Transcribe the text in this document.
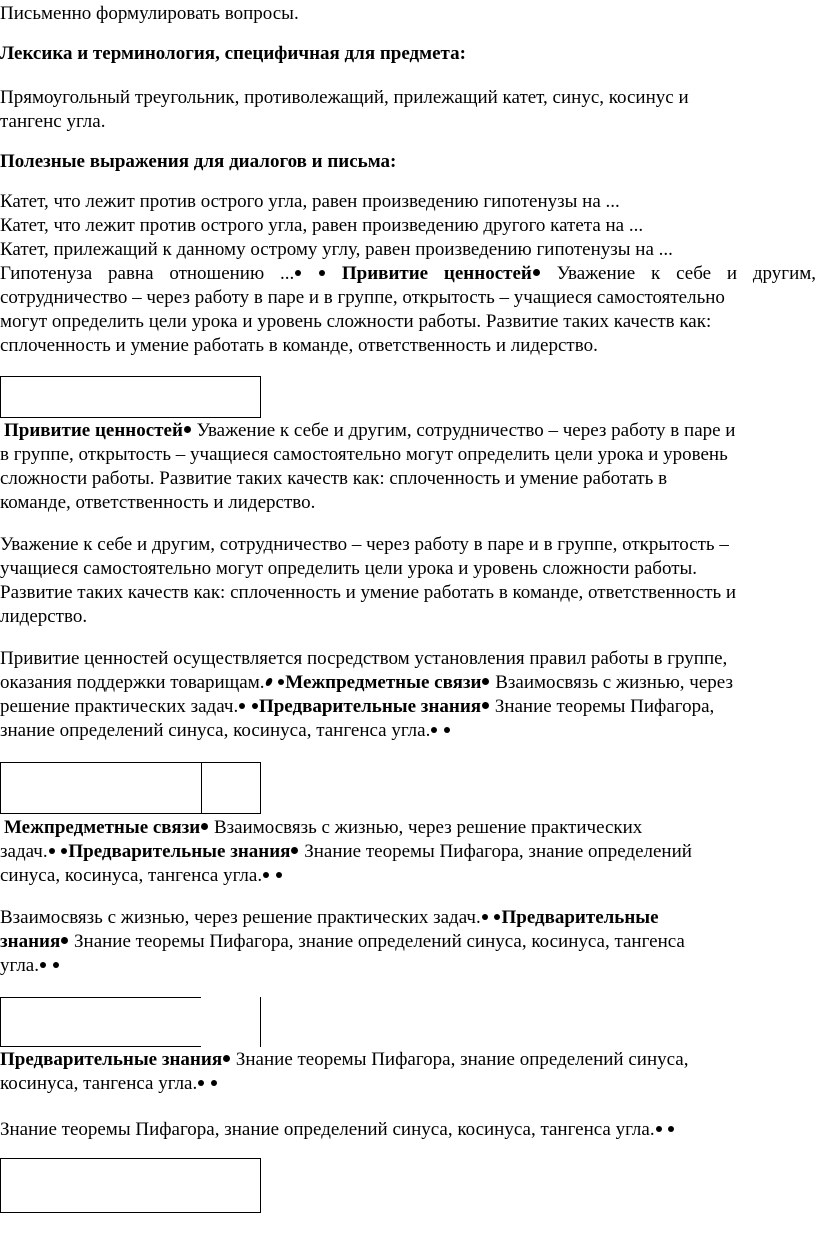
Письменно формулировать вопросы.

Лексика и терминология, специфичная для предмета:

Прямоугольный треугольник, противолежащий, прилежащий катет, синус, косинус и
тангенс угла.

Полезные выражения для диалогов и письма:

Катет, что лежит против острого угла, равен произведению гипотенузы на ...
Катет, что лежит против острого угла, равен произведению другого катета на ...
Катет, прилежащий к данному острому углу, равен произведению гипотенузы на ...
Гипотенуза равна отношению ...	Привитие ценностей Уважение к себе и другим,
сотрудничество – через работу в паре и в группе, открытость – учащиеся самостоятельно
могут определить цели урока и уровень сложности работы. Развитие таких качеств как:
сплоченность и умение работать в команде, ответственность и лидерство.
Привитие ценностей Уважение к себе и другим, сотрудничество – через работу в паре и
в группе, открытость – учащиеся самостоятельно могут определить цели урока и уровень
сложности работы. Развитие таких качеств как: сплоченность и умение работать в
команде, ответственность и лидерство.
Уважение к себе и другим, сотрудничество – через работу в паре и в группе, открытость –
учащиеся самостоятельно могут определить цели урока и уровень сложности работы.
Развитие таких качеств как: сплоченность и умение работать в команде, ответственность и
лидерство.
Привитие ценностей осуществляется посредством установления правил работы в группе,
оказания поддержки товарищам. Межпредметные связи Взаимосвязь с жизнью, через
решение практических задач. Предварительные знания Знание теоремы Пифагора,
знание определений синуса, косинуса, тангенса угла.
Межпредметные связи Взаимосвязь с жизнью, через решение практических
задач. Предварительные знания Знание теоремы Пифагора, знание определений
синуса, косинуса, тангенса угла.
Взаимосвязь с жизнью, через решение практических задач. Предварительные
знания Знание теоремы Пифагора, знание определений синуса, косинуса, тангенса
угла.
Предварительные знания Знание теоремы Пифагора, знание определений синуса,
косинуса, тангенса угла.
Знание теоремы Пифагора, знание определений синуса, косинуса, тангенса угла.
